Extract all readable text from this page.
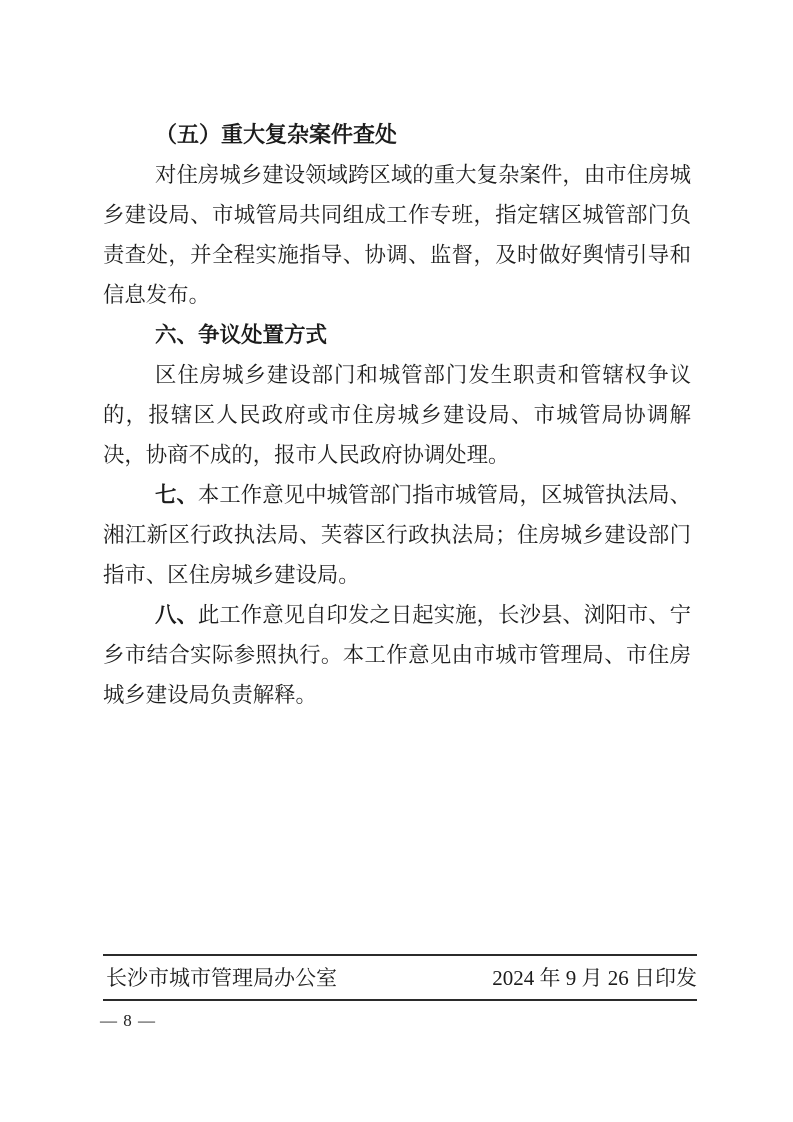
（五）重大复杂案件查处

对住房城乡建设领域跨区域的重大复杂案件，由市住房城乡建设局、市城管局共同组成工作专班，指定辖区城管部门负责查处，并全程实施指导、协调、监督，及时做好舆情引导和信息发布。

六、争议处置方式

区住房城乡建设部门和城管部门发生职责和管辖权争议的，报辖区人民政府或市住房城乡建设局、市城管局协调解决，协商不成的，报市人民政府协调处理。

七、本工作意见中城管部门指市城管局，区城管执法局、湘江新区行政执法局、芙蓉区行政执法局；住房城乡建设部门指市、区住房城乡建设局。

八、此工作意见自印发之日起实施，长沙县、浏阳市、宁乡市结合实际参照执行。本工作意见由市城市管理局、市住房城乡建设局负责解释。

长沙市城市管理局办公室	2024 年 9 月 26 日印发
— 8 —
